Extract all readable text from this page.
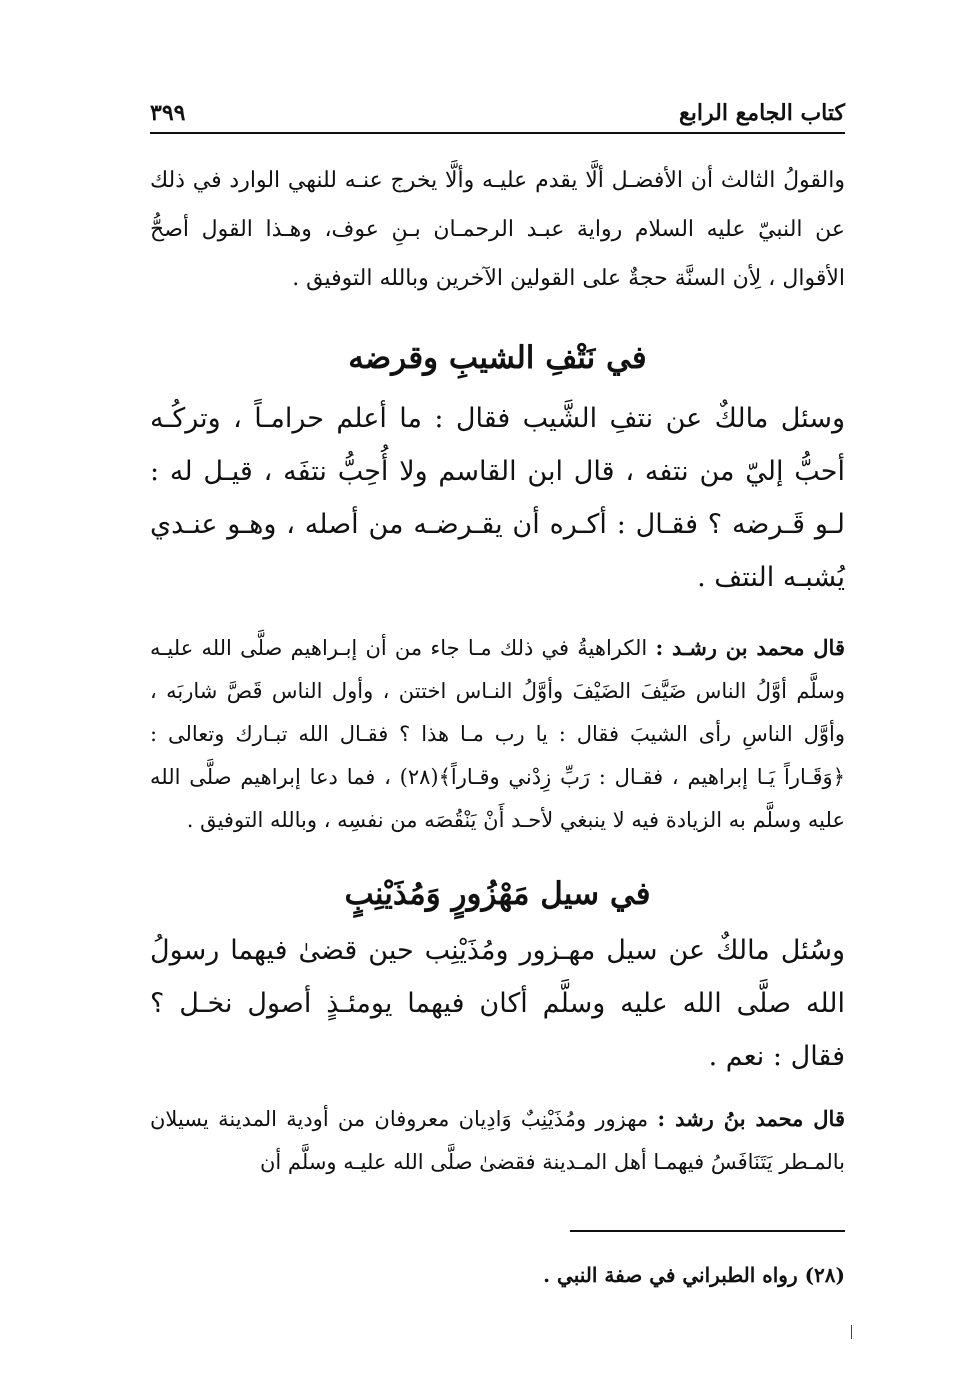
كتاب الجامع الرابع
٣٩٩

والقولُ الثالث أن الأفضـل ألَّا يقدم عليـه وألَّا يخرج عنـه للنهي الوارد في ذلك عن النبيّ عليه السلام رواية عبـد الرحمـان بـنِ عوف، وهـذا القول أصحُّ الأقوال ، لِأن السنَّة حجةٌ على القولين الآخرين وبالله التوفيق .

في نَتْفِ الشيبِ وقرضه

وسئل مالكٌ عن نتفِ الشَّيب فقال : ما أعلم حرامـاً ، وتركُـه أحبُّ إليّ من نتفه ، قال ابن القاسم ولا أُحِبُّ نتفَه ، قيـل له : لـو قَـرضه ؟ فقـال : أكـره أن يقـرضـه من أصله ، وهـو عنـدي يُشبـه النتف .

قال محمد بن رشـد : الكراهيةُ في ذلك مـا جاء من أن إبـراهيم صلَّى الله عليـه وسلَّم أوَّلُ الناس ضَيَّفَ الضَيْفَ وأوَّلُ النـاس اختتن ، وأول الناس قَصَّ شاربَه ، وأوَّل الناسِ رأى الشيبَ فقال : يا رب مـا هذا ؟ فقـال الله تبـارك وتعالى : ﴿وَقَـاراً يَـا إبراهيم ، فقـال : رَبِّ زِدْني وقـاراً﴾(٢٨) ، فما دعا إبراهيم صلَّى الله عليه وسلَّم به الزيادة فيه لا ينبغي لأحـد أَنْ يَنْقُصَه من نفسِه ، وبالله التوفيق .

في سيل مَهْزُورٍ وَمُذَيْنِبٍ

وسُئل مالكٌ عن سيل مهـزور ومُذَيْنِب حين قضىٰ فيهما رسولُ الله صلَّى الله عليه وسلَّم أكان فيهما يومئـذٍ أصول نخـل ؟ فقال : نعم .

قال محمد بنُ رشد : مهزور ومُذَيْنِبٌ وَادِيان معروفان من أودية المدينة يسيلان بالمـطر يَتَنَافَسُ فيهمـا أهل المـدينة فقضىٰ صلَّى الله عليـه وسلَّم أن

(٢٨) رواه الطبراني في صفة النبي .
